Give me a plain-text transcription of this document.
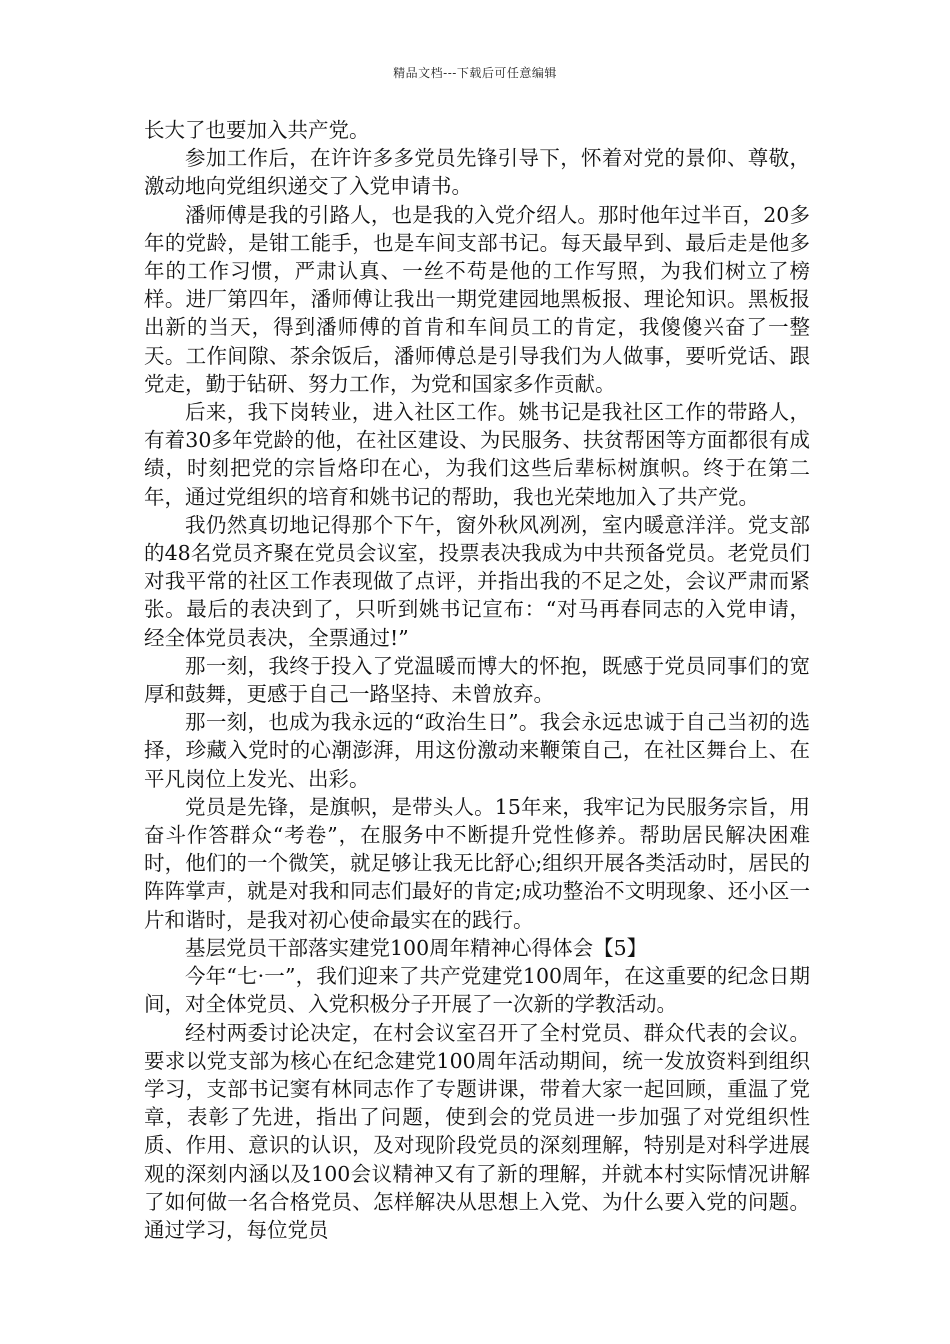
精品文档---下载后可任意编辑

长大了也要加入共产党。

参加工作后，在许许多多党员先锋引导下，怀着对党的景仰、尊敬，激动地向党组织递交了入党申请书。

潘师傅是我的引路人，也是我的入党介绍人。那时他年过半百，20多年的党龄，是钳工能手，也是车间支部书记。每天最早到、最后走是他多年的工作习惯，严肃认真、一丝不苟是他的工作写照，为我们树立了榜样。进厂第四年，潘师傅让我出一期党建园地黑板报、理论知识。黑板报出新的当天，得到潘师傅的首肯和车间员工的肯定，我傻傻兴奋了一整天。工作间隙、茶余饭后，潘师傅总是引导我们为人做事，要听党话、跟党走，勤于钻研、努力工作，为党和国家多作贡献。

后来，我下岗转业，进入社区工作。姚书记是我社区工作的带路人，有着30多年党龄的他，在社区建设、为民服务、扶贫帮困等方面都很有成绩，时刻把党的宗旨烙印在心，为我们这些后辈标树旗帜。终于在第二年，通过党组织的培育和姚书记的帮助，我也光荣地加入了共产党。

我仍然真切地记得那个下午，窗外秋风冽冽，室内暖意洋洋。党支部的48名党员齐聚在党员会议室，投票表决我成为中共预备党员。老党员们对我平常的社区工作表现做了点评，并指出我的不足之处，会议严肃而紧张。最后的表决到了，只听到姚书记宣布：“对马再春同志的入党申请，经全体党员表决，全票通过!”

那一刻，我终于投入了党温暖而博大的怀抱，既感于党员同事们的宽厚和鼓舞，更感于自己一路坚持、未曾放弃。

那一刻，也成为我永远的“政治生日”。我会永远忠诚于自己当初的选择，珍藏入党时的心潮澎湃，用这份激动来鞭策自己，在社区舞台上、在平凡岗位上发光、出彩。

党员是先锋，是旗帜，是带头人。15年来，我牢记为民服务宗旨，用奋斗作答群众“考卷”，在服务中不断提升党性修养。帮助居民解决困难时，他们的一个微笑，就足够让我无比舒心;组织开展各类活动时，居民的阵阵掌声，就是对我和同志们最好的肯定;成功整治不文明现象、还小区一片和谐时，是我对初心使命最实在的践行。

基层党员干部落实建党100周年精神心得体会【5】

今年“七·一”，我们迎来了共产党建党100周年，在这重要的纪念日期间，对全体党员、入党积极分子开展了一次新的学教活动。

经村两委讨论决定，在村会议室召开了全村党员、群众代表的会议。要求以党支部为核心在纪念建党100周年活动期间，统一发放资料到组织学习，支部书记窦有林同志作了专题讲课，带着大家一起回顾，重温了党章，表彰了先进，指出了问题，使到会的党员进一步加强了对党组织性质、作用、意识的认识，及对现阶段党员的深刻理解，特别是对科学进展观的深刻内涵以及100会议精神又有了新的理解，并就本村实际情况讲解了如何做一名合格党员、怎样解决从思想上入党、为什么要入党的问题。通过学习，每位党员
